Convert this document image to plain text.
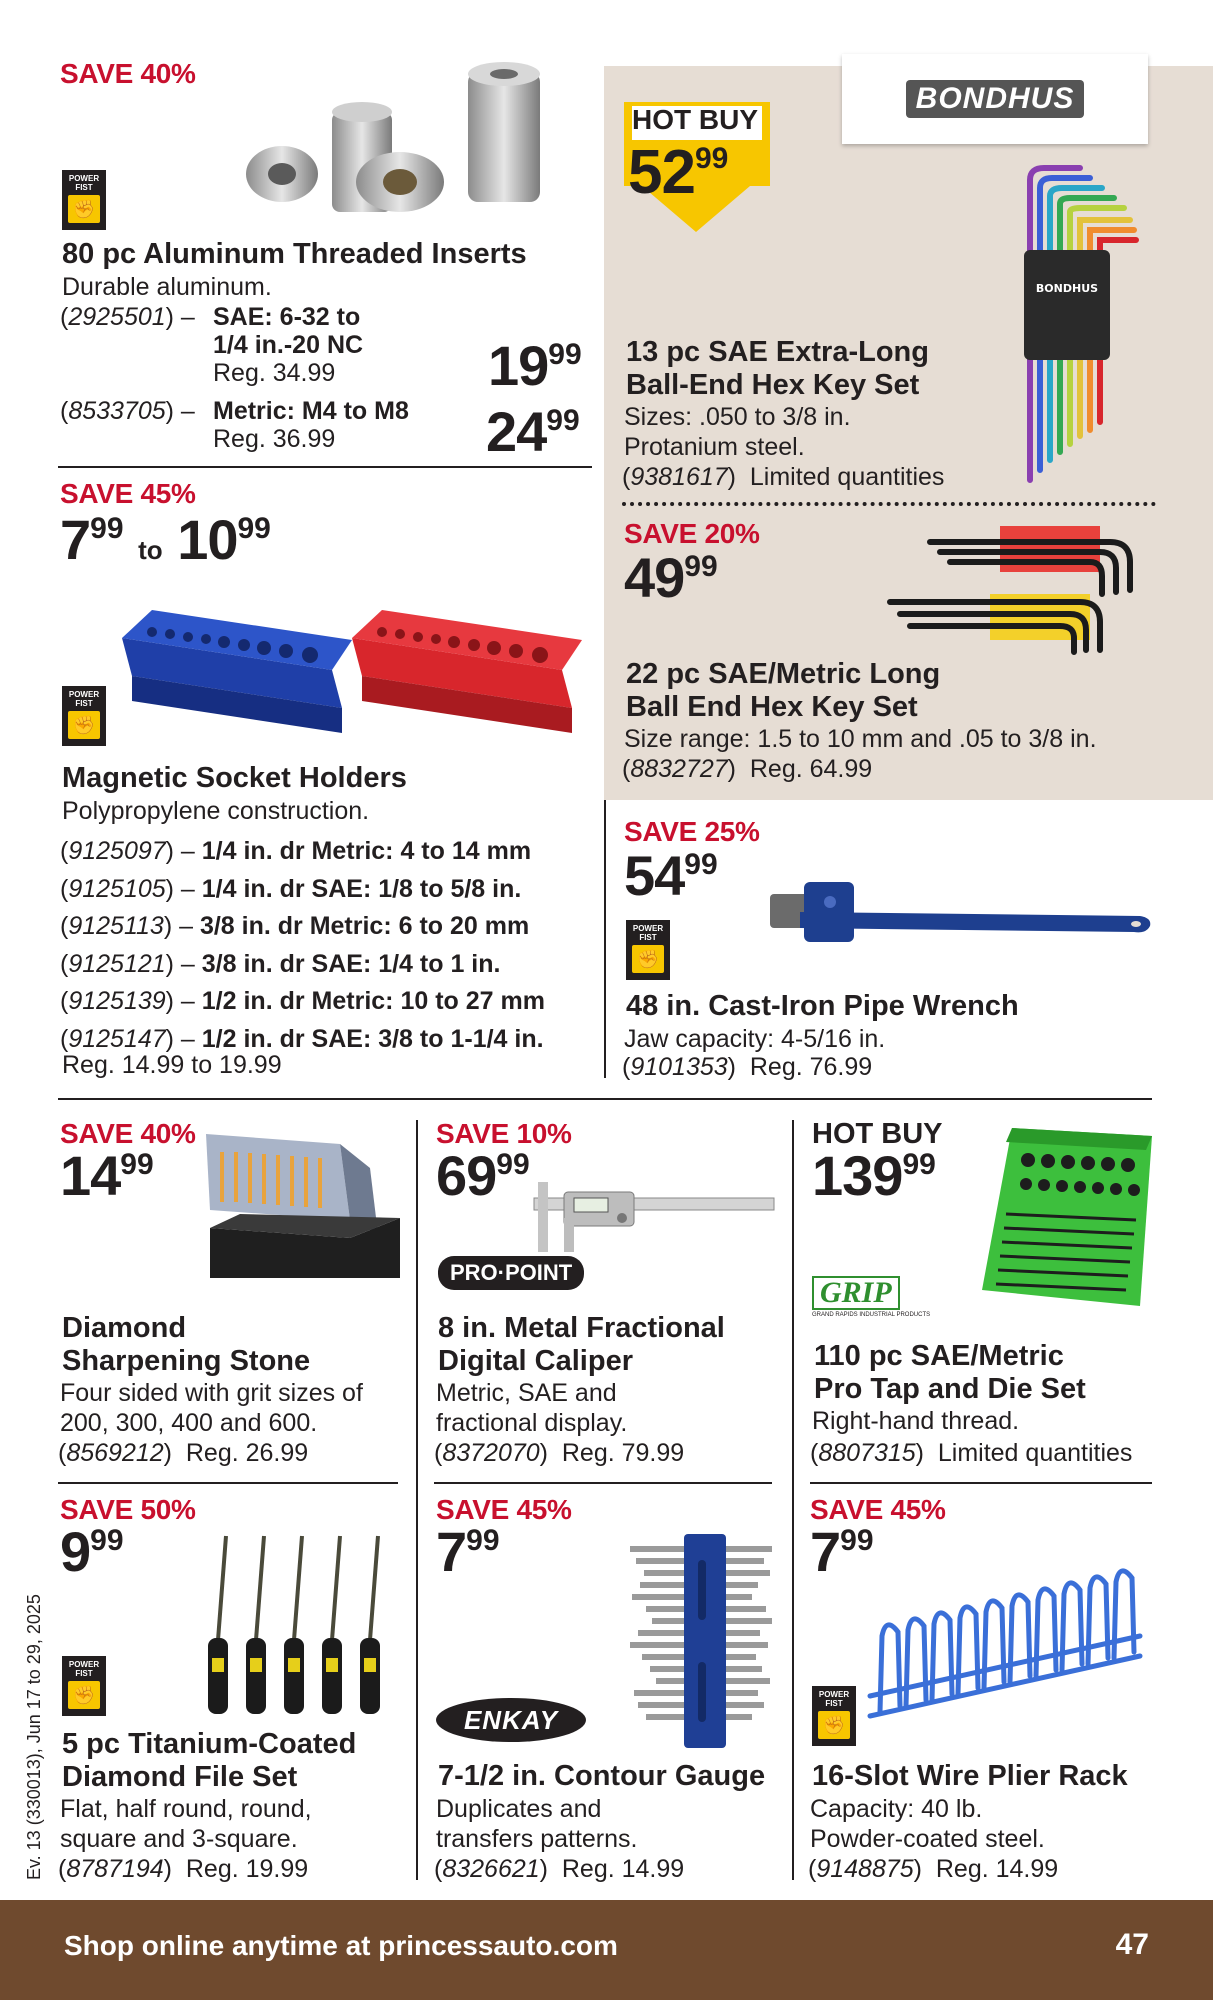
SAVE 40%
POWER
FIST
✊
80 pc Aluminum Threaded Inserts
Durable aluminum.
(2925501) – SAE: 6-32 to
1/4 in.-20 NC
Reg. 34.99	$19^{99}$
(8533705) – Metric: M4 to M8
Reg. 36.99	$24^{99}$
SAVE 45%
$7^{99}$ to $10^{99}$
POWER
FIST
✊
Magnetic Socket Holders
Polypropylene construction.
(9125097) – 1/4 in. dr Metric: 4 to 14 mm
(9125105) – 1/4 in. dr SAE: 1/8 to 5/8 in.
(9125113) – 3/8 in. dr Metric: 6 to 20 mm
(9125121) – 3/8 in. dr SAE: 1/4 to 1 in.
(9125139) – 1/2 in. dr Metric: 10 to 27 mm
(9125147) – 1/2 in. dr SAE: 3/8 to 1-1/4 in.
Reg. 14.99 to 19.99
BONDHUS
HOT BUY
$52^{99}$
BONDHUS
13 pc SAE Extra-Long
Ball-End Hex Key Set
Sizes: .050 to 3/8 in.
Protanium steel.
(9381617)  Limited quantities
SAVE 20%
$49^{99}$
22 pc SAE/Metric Long
Ball End Hex Key Set
Size range: 1.5 to 10 mm and .05 to 3/8 in.
(8832727)  Reg. 64.99
SAVE 25%
$54^{99}$
POWER
FIST
✊
48 in. Cast-Iron Pipe Wrench
Jaw capacity: 4-5/16 in.
(9101353)  Reg. 76.99
SAVE 40%
$14^{99}$
Diamond
Sharpening Stone
Four sided with grit sizes of
200, 300, 400 and 600.
(8569212)  Reg. 26.99
SAVE 10%
$69^{99}$
PRO·POINT
8 in. Metal Fractional
Digital Caliper
Metric, SAE and
fractional display.
(8372070)  Reg. 79.99
HOT BUY
$139^{99}$
GRIP
GRAND RAPIDS INDUSTRIAL PRODUCTS
110 pc SAE/Metric
Pro Tap and Die Set
Right-hand thread.
(8807315)  Limited quantities
SAVE 50%
$9^{99}$
POWER
FIST
✊
5 pc Titanium-Coated
Diamond File Set
Flat, half round, round,
square and 3-square.
(8787194)  Reg. 19.99
SAVE 45%
$7^{99}$
ENKAY
7-1/2 in. Contour Gauge
Duplicates and
transfers patterns.
(8326621)  Reg. 14.99
SAVE 45%
$7^{99}$
POWER
FIST
✊
16-Slot Wire Plier Rack
Capacity: 40 lb.
Powder-coated steel.
(9148875)  Reg. 14.99
Ev. 13 (330013), Jun 17 to 29, 2025
Shop online anytime at princessauto.com	47
